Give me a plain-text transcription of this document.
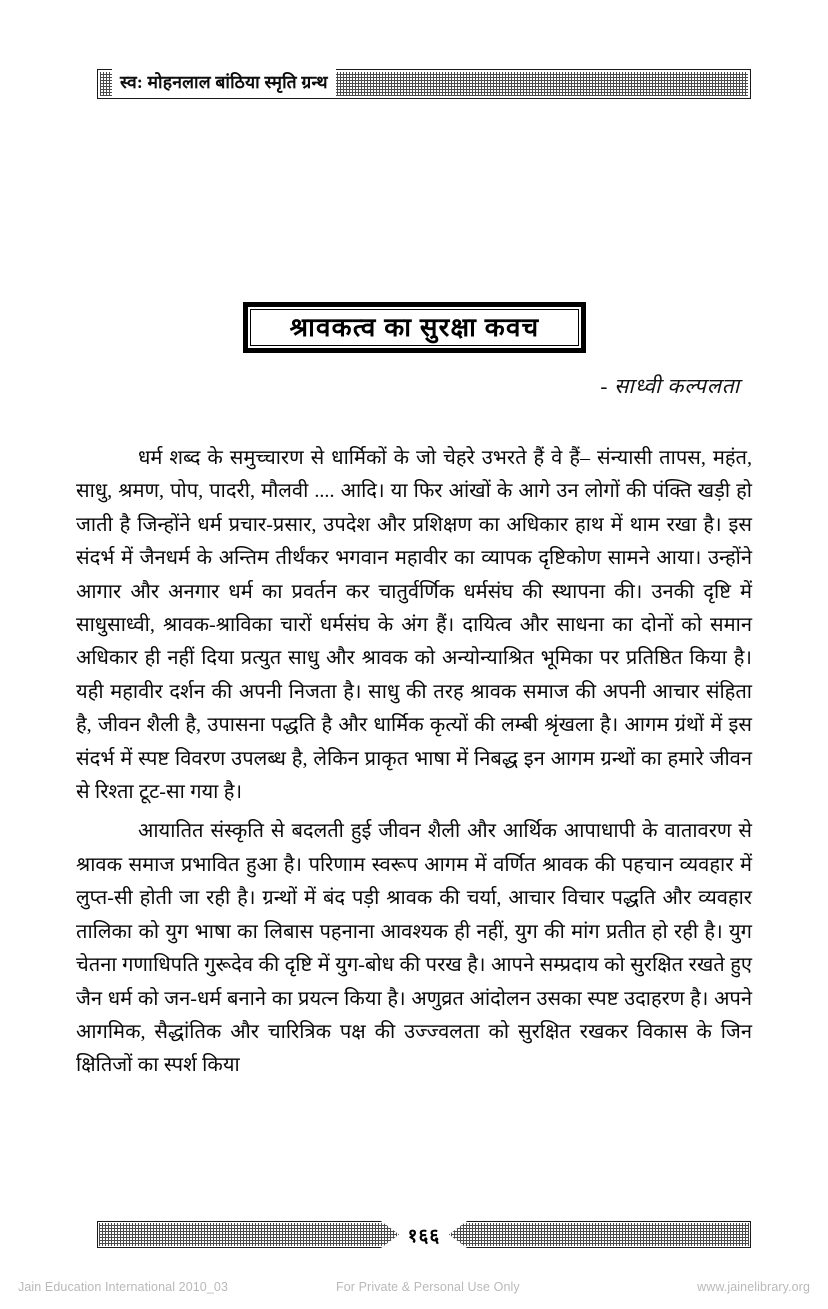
स्व: मोहनलाल बांठिया स्मृति ग्रन्थ
श्रावकत्व का सुरक्षा कवच
- साध्वी कल्पलता

धर्म शब्द के समुच्चारण से धार्मिकों के जो चेहरे उभरते हैं वे हैं– संन्यासी तापस, महंत, साधु, श्रमण, पोप, पादरी, मौलवी .... आदि। या फिर आंखों के आगे उन लोगों की पंक्ति खड़ी हो जाती है जिन्होंने धर्म प्रचार-प्रसार, उपदेश और प्रशिक्षण का अधिकार हाथ में थाम रखा है। इस संदर्भ में जैनधर्म के अन्तिम तीर्थंकर भगवान महावीर का व्यापक दृष्टिकोण सामने आया। उन्होंने आगार और अनगार धर्म का प्रवर्तन कर चातुर्वर्णिक धर्मसंघ की स्थापना की। उनकी दृष्टि में साधुसाध्वी, श्रावक-श्राविका चारों धर्मसंघ के अंग हैं। दायित्व और साधना का दोनों को समान अधिकार ही नहीं दिया प्रत्युत साधु और श्रावक को अन्योन्याश्रित भूमिका पर प्रतिष्ठित किया है। यही महावीर दर्शन की अपनी निजता है। साधु की तरह श्रावक समाज की अपनी आचार संहिता है, जीवन शैली है, उपासना पद्धति है और धार्मिक कृत्यों की लम्बी श्रृंखला है। आगम ग्रंथों में इस संदर्भ में स्पष्ट विवरण उपलब्ध है, लेकिन प्राकृत भाषा में निबद्ध इन आगम ग्रन्थों का हमारे जीवन से रिश्ता टूट-सा गया है।

आयातित संस्कृति से बदलती हुई जीवन शैली और आर्थिक आपाधापी के वातावरण से श्रावक समाज प्रभावित हुआ है। परिणाम स्वरूप आगम में वर्णित श्रावक की पहचान व्यवहार में लुप्त-सी होती जा रही है। ग्रन्थों में बंद पड़ी श्रावक की चर्या, आचार विचार पद्धति और व्यवहार तालिका को युग भाषा का लिबास पहनाना आवश्यक ही नहीं, युग की मांग प्रतीत हो रही है। युग चेतना गणाधिपति गुरूदेव की दृष्टि में युग-बोध की परख है। आपने सम्प्रदाय को सुरक्षित रखते हुए जैन धर्म को जन-धर्म बनाने का प्रयत्न किया है। अणुव्रत आंदोलन उसका स्पष्ट उदाहरण है। अपने आगमिक, सैद्धांतिक और चारित्रिक पक्ष की उज्ज्वलता को सुरक्षित रखकर विकास के जिन क्षितिजों का स्पर्श किया

१६६
Jain Education International 2010_03	For Private & Personal Use Only	www.jainelibrary.org
